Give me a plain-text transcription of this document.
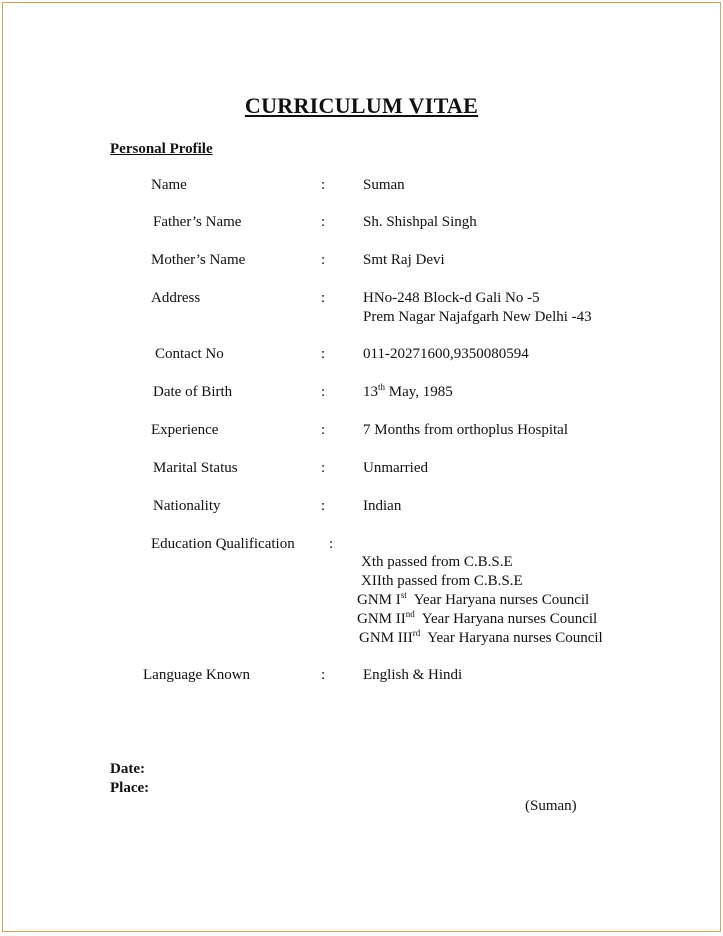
CURRICULUM VITAE
Personal Profile
Name	:	Suman
Father’s Name	:	Sh. Shishpal Singh
Mother’s Name	:	Smt Raj Devi
Address	:	HNo-248 Block-d Gali No -5
Prem Nagar Najafgarh New Delhi -43
Contact No	:	011-20271600,9350080594
Date of Birth	:	13th May, 1985
Experience	:	7 Months from orthoplus Hospital
Marital Status	:	Unmarried
Nationality	:	Indian
Education Qualification :
Xth passed from C.B.S.E
XIIth passed from C.B.S.E
GNM Ist  Year Haryana nurses Council
GNM IInd  Year Haryana nurses Council
GNM IIIrd  Year Haryana nurses Council
Language Known	:	English & Hindi
Date:
Place:
(Suman)
